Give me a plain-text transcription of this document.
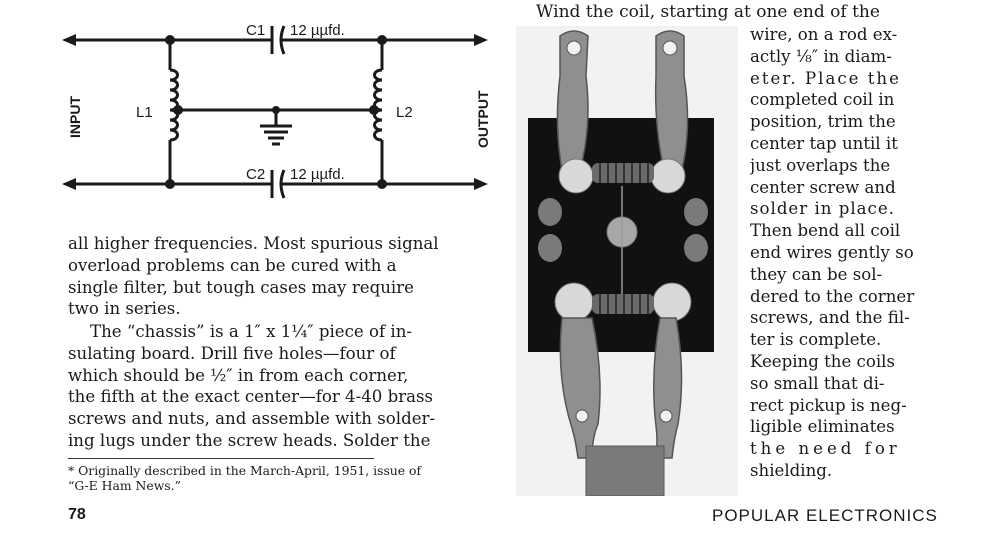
INPUT	OUTPUT
C1 12 µµfd.
C2 12 µµfd.
L1	L2
all higher frequencies. Most spurious signal
overload problems can be cured with a
single filter, but tough cases may require
two in series.
The “chassis” is a 1″ x 1¼″ piece of in-
sulating board. Drill five holes—four of
which should be ½″ in from each corner,
the fifth at the exact center—for 4-40 brass
screws and nuts, and assemble with solder-
ing lugs under the screw heads. Solder the
* Originally described in the March-April, 1951, issue of
“G-E Ham News.”
78	POPULAR ELECTRONICS
Wind the coil, starting at one end of the
wire, on a rod ex-
actly ⅛″ in diam-
eter. Place the
completed coil in
position, trim the
center tap until it
just overlaps the
center screw and
solder in place.
Then bend all coil
end wires gently so
they can be sol-
dered to the corner
screws, and the fil-
ter is complete.
Keeping the coils
so small that di-
rect pickup is neg-
ligible eliminates
the need for
shielding.
